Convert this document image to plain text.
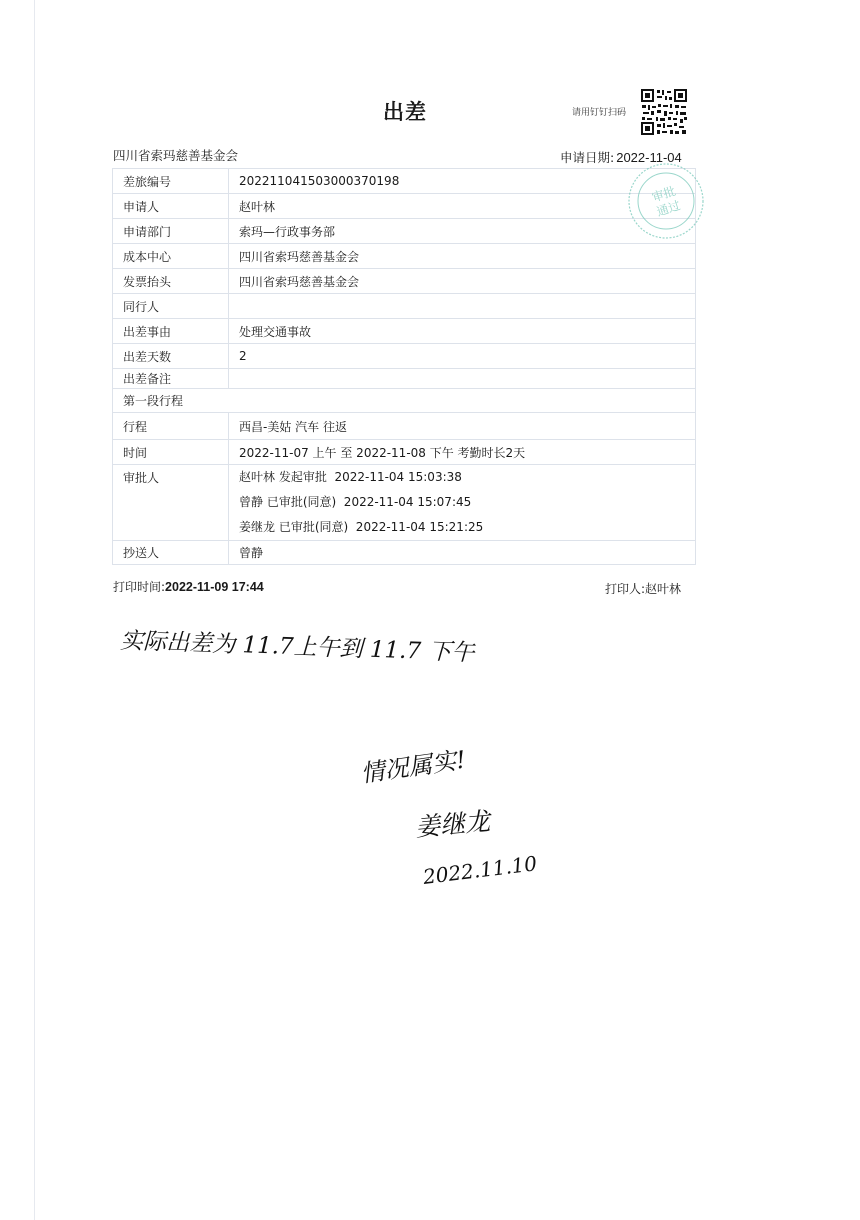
出差	请用钉钉扫码
四川省索玛慈善基金会	申请日期: 2022-11-04
差旅编号	202211041503000370198
申请人	赵叶林
申请部门	索玛—行政事务部
成本中心	四川省索玛慈善基金会
发票抬头	四川省索玛慈善基金会
同行人	
出差事由	处理交通事故
出差天数	2
出差备注	
第一段行程	
行程	西昌-美姑 汽车 往返
时间	2022-11-07 上午 至 2022-11-08 下午 考勤时长2天
审批人	赵叶林 发起审批  2022-11-04 15:03:38
曾静 已审批(同意)  2022-11-04 15:07:45
姜继龙 已审批(同意)  2022-11-04 15:21:25

抄送人	曾静
审批
通过
打印时间:2022-11-09 17:44	打印人:赵叶林
实际出差为 11.7上午到 11.7 下午
情况属实!
姜继龙
2022.11.10
